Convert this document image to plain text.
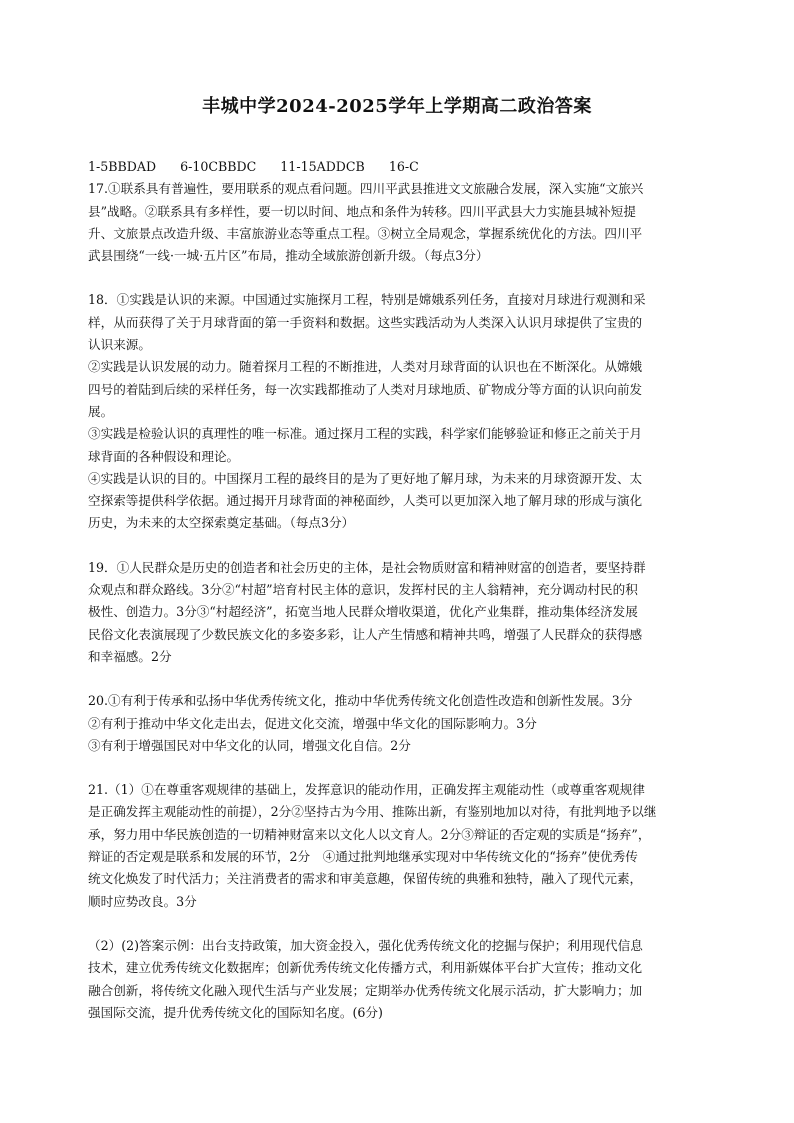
丰城中学2024-2025学年上学期高二政治答案
1-5BBDAD 6-10CBBDC 11-15ADDCB 16-C
17.①联系具有普遍性，要用联系的观点看问题。四川平武县推进文文旅融合发展，深入实施“文旅兴
县”战略。②联系具有多样性，要一切以时间、地点和条件为转移。四川平武县大力实施县城补短提
升、文旅景点改造升级、丰富旅游业态等重点工程。③树立全局观念，掌握系统优化的方法。四川平
武县围绕“一线·一城·五片区”布局，推动全域旅游创新升级。（每点3分）
18．①实践是认识的来源。中国通过实施探月工程，特别是嫦娥系列任务，直接对月球进行观测和采
样，从而获得了关于月球背面的第一手资料和数据。这些实践活动为人类深入认识月球提供了宝贵的
认识来源。
②实践是认识发展的动力。随着探月工程的不断推进，人类对月球背面的认识也在不断深化。从嫦娥
四号的着陆到后续的采样任务，每一次实践都推动了人类对月球地质、矿物成分等方面的认识向前发
展。
③实践是检验认识的真理性的唯一标准。通过探月工程的实践，科学家们能够验证和修正之前关于月
球背面的各种假设和理论。
④实践是认识的目的。中国探月工程的最终目的是为了更好地了解月球，为未来的月球资源开发、太
空探索等提供科学依据。通过揭开月球背面的神秘面纱，人类可以更加深入地了解月球的形成与演化
历史，为未来的太空探索奠定基础。（每点3分）
19．①人民群众是历史的创造者和社会历史的主体，是社会物质财富和精神财富的创造者，要坚持群
众观点和群众路线。3分②“村超”培育村民主体的意识，发挥村民的主人翁精神，充分调动村民的积
极性、创造力。3分③“村超经济”，拓宽当地人民群众增收渠道，优化产业集群，推动集体经济发展
民俗文化表演展现了少数民族文化的多姿多彩，让人产生情感和精神共鸣，增强了人民群众的获得感
和幸福感。2分
20.①有利于传承和弘扬中华优秀传统文化，推动中华优秀传统文化创造性改造和创新性发展。3分
②有利于推动中华文化走出去，促进文化交流，增强中华文化的国际影响力。3分
③有利于增强国民对中华文化的认同，增强文化自信。2分
21.（1）①在尊重客观规律的基础上，发挥意识的能动作用，正确发挥主观能动性（或尊重客观规律
是正确发挥主观能动性的前提），2分②坚持古为今用、推陈出新，有鉴别地加以对待，有批判地予以继
承，努力用中华民族创造的一切精神财富来以文化人以文育人。2分③辩证的否定观的实质是“扬弃”，
辩证的否定观是联系和发展的环节，2分　④通过批判地继承实现对中华传统文化的“扬弃”使优秀传
统文化焕发了时代活力；关注消费者的需求和审美意趣，保留传统的典雅和独特，融入了现代元素，
顺时应势改良。3分
（2）(2)答案示例：出台支持政策，加大资金投入，强化优秀传统文化的挖掘与保护；利用现代信息
技术，建立优秀传统文化数据库；创新优秀传统文化传播方式，利用新媒体平台扩大宣传；推动文化
融合创新，将传统文化融入现代生活与产业发展；定期举办优秀传统文化展示活动，扩大影响力；加
强国际交流，提升优秀传统文化的国际知名度。(6分)
